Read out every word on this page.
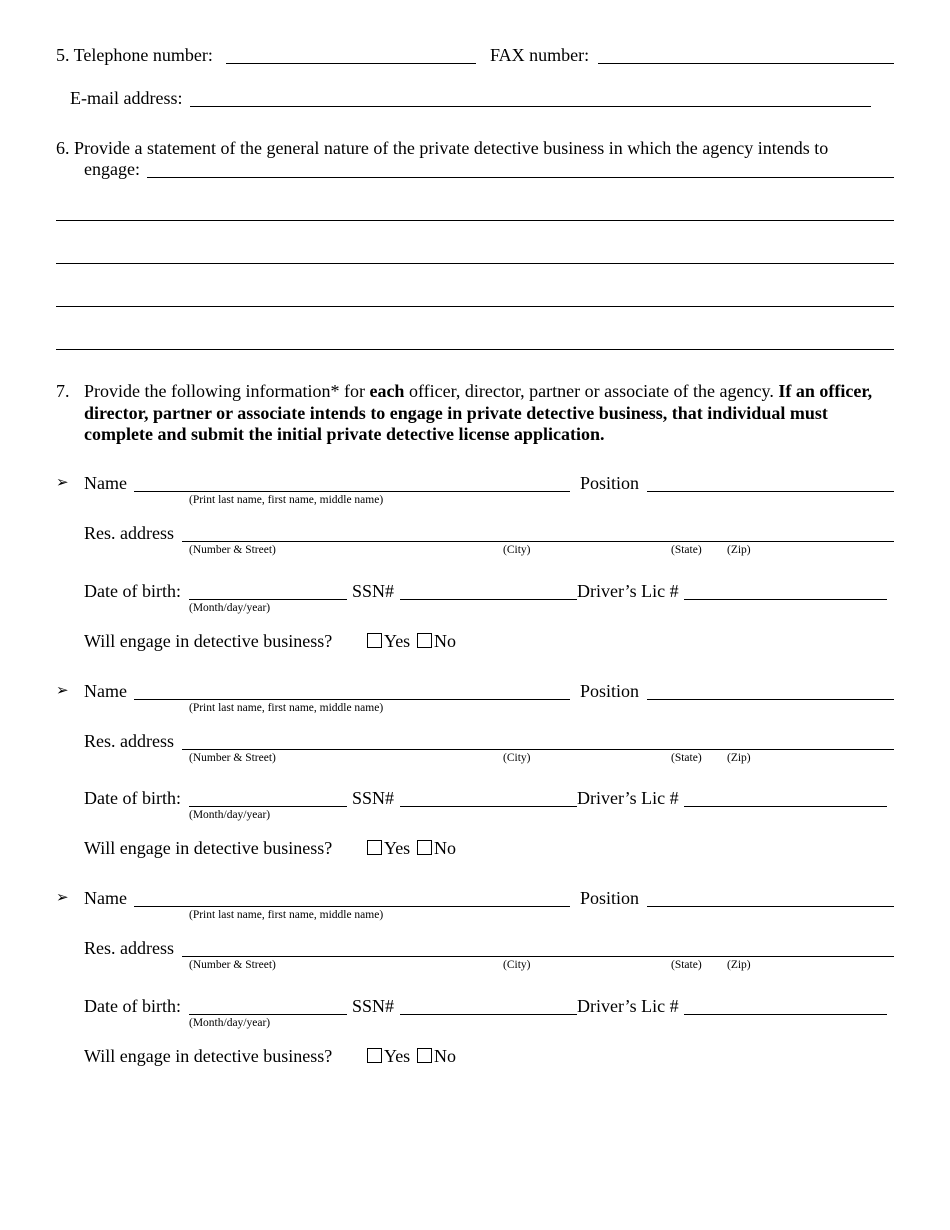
5. Telephone number:	FAX number:
E-mail address:
6. Provide a statement of the general nature of the private detective business in which the agency intends to
engage:
7. Provide the following information* for each officer, director, partner or associate of the agency. If an officer, director, partner or associate intends to engage in private detective business, that individual must complete and submit the initial private detective license application.
➢ Name	Position
(Print last name, first name, middle name)
Res. address
(Number & Street)	(City)	(State) (Zip)
Date of birth:	SSN#	Driver’s Lic #
(Month/day/year)
Will engage in detective business?	Yes	No
➢ Name	Position
(Print last name, first name, middle name)
Res. address
(Number & Street)	(City)	(State) (Zip)
Date of birth:	SSN#	Driver’s Lic #
(Month/day/year)
Will engage in detective business?	Yes	No
➢ Name	Position
(Print last name, first name, middle name)
Res. address
(Number & Street)	(City)	(State) (Zip)
Date of birth:	SSN#	Driver’s Lic #
(Month/day/year)
Will engage in detective business?	Yes	No
